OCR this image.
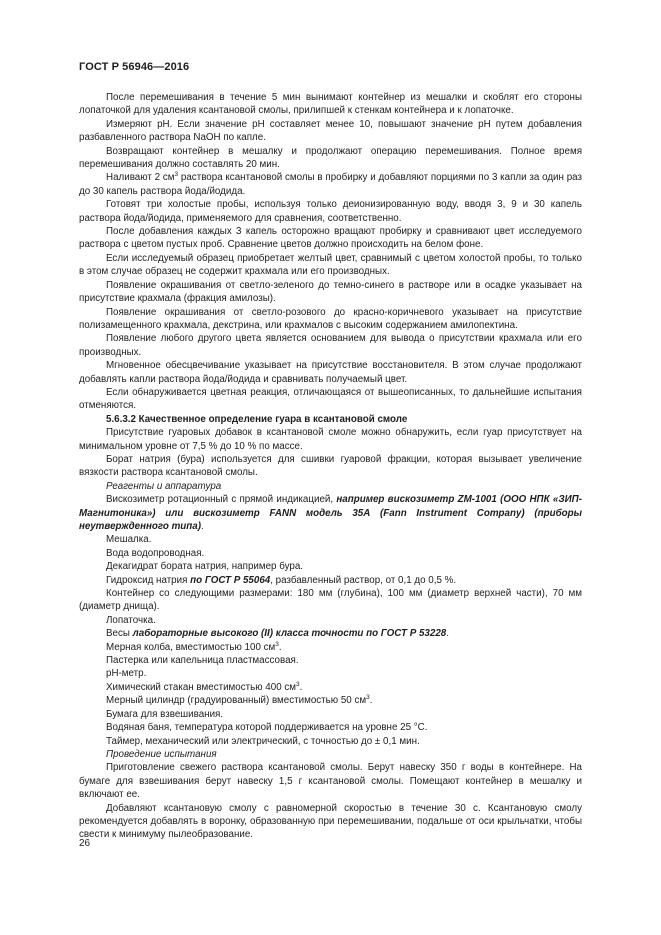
ГОСТ Р 56946—2016

После перемешивания в течение 5 мин вынимают контейнер из мешалки и скоблят его стороны лопаточкой для удаления ксантановой смолы, прилипшей к стенкам контейнера и к лопаточке.

Измеряют pH. Если значение pH составляет менее 10, повышают значение pH путем добавления разбавленного раствора NaOH по капле.

Возвращают контейнер в мешалку и продолжают операцию перемешивания. Полное время перемешивания должно составлять 20 мин.

Наливают 2 $см^3$ раствора ксантановой смолы в пробирку и добавляют порциями по 3 капли за один раз до 30 капель раствора йода/йодида.

Готовят три холостые пробы, используя только деионизированную воду, вводя 3, 9 и 30 капель раствора йода/йодида, применяемого для сравнения, соответственно.

После добавления каждых 3 капель осторожно вращают пробирку и сравнивают цвет исследуемого раствора с цветом пустых проб. Сравнение цветов должно происходить на белом фоне.

Если исследуемый образец приобретает желтый цвет, сравнимый с цветом холостой пробы, то только в этом случае образец не содержит крахмала или его производных.

Появление окрашивания от светло-зеленого до темно-синего в растворе или в осадке указывает на присутствие крахмала (фракция амилозы).

Появление окрашивания от светло-розового до красно-коричневого указывает на присутствие полизамещенного крахмала, декстрина, или крахмалов с высоким содержанием амилопектина.

Появление любого другого цвета является основанием для вывода о присутствии крахмала или его производных.

Мгновенное обесцвечивание указывает на присутствие восстановителя. В этом случае продолжают добавлять капли раствора йода/йодида и сравнивать получаемый цвет.

Если обнаруживается цветная реакция, отличающаяся от вышеописанных, то дальнейшие испытания отменяются.

5.6.3.2 Качественное определение гуара в ксантановой смоле

Присутствие гуаровых добавок в ксантановой смоле можно обнаружить, если гуар присутствует на минимальном уровне от 7,5 % до 10 % по массе.

Борат натрия (бура) используется для сшивки гуаровой фракции, которая вызывает увеличение вязкости раствора ксантановой смолы.

Реагенты и аппаратура

Вискозиметр ротационный с прямой индикацией, например вискозиметр ZM-1001 (ООО НПК «ЗИП-Магнитоника») или вискозиметр FANN модель 35А (Fann Instrument Company) (приборы неутвержденного типа).

Мешалка.

Вода водопроводная.

Декагидрат бората натрия, например бура.

Гидроксид натрия по ГОСТ Р 55064, разбавленный раствор, от 0,1 до 0,5 %.

Контейнер со следующими размерами: 180 мм (глубина), 100 мм (диаметр верхней части), 70 мм (диаметр днища).

Лопаточка.

Весы лабораторные высокого (II) класса точности по ГОСТ Р 53228.

Мерная колба, вместимостью 100 $см^3$.

Пастерка или капельница пластмассовая.

pH-метр.

Химический стакан вместимостью 400 $см^3$.

Мерный цилиндр (градуированный) вместимостью 50 $см^3$.

Бумага для взвешивания.

Водяная баня, температура которой поддерживается на уровне 25 °С.

Таймер, механический или электрический, с точностью до ± 0,1 мин.

Проведение испытания

Приготовление свежего раствора ксантановой смолы. Берут навеску 350 г воды в контейнере. На бумаге для взвешивания берут навеску 1,5 г ксантановой смолы. Помещают контейнер в мешалку и включают ее.

Добавляют ксантановую смолу с равномерной скоростью в течение 30 с. Ксантановую смолу рекомендуется добавлять в воронку, образованную при перемешивании, подальше от оси крыльчатки, чтобы свести к минимуму пылеобразование.

26
